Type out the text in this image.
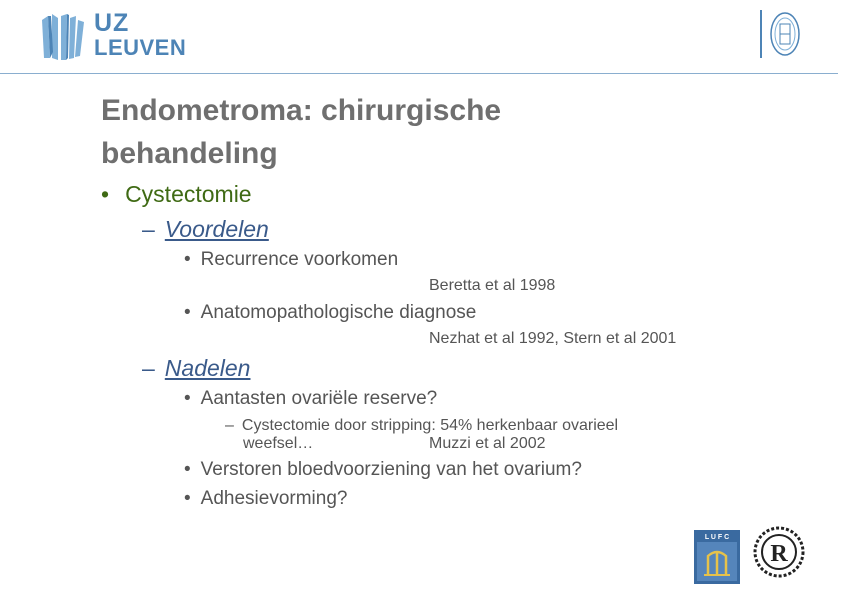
UZ
LEUVEN
Endometroma: chirurgische
behandeling
• Cystectomie
– Voordelen
• Recurrence voorkomen
Beretta et al 1998
• Anatomopathologische diagnose
Nezhat et al 1992, Stern et al 2001
– Nadelen
• Aantasten ovariële reserve?
– Cystectomie door stripping: 54% herkenbaar ovarieel
weefsel…	Muzzi et al 2002
• Verstoren bloedvoorziening van het ovarium?
• Adhesievorming?
L U F C
R
